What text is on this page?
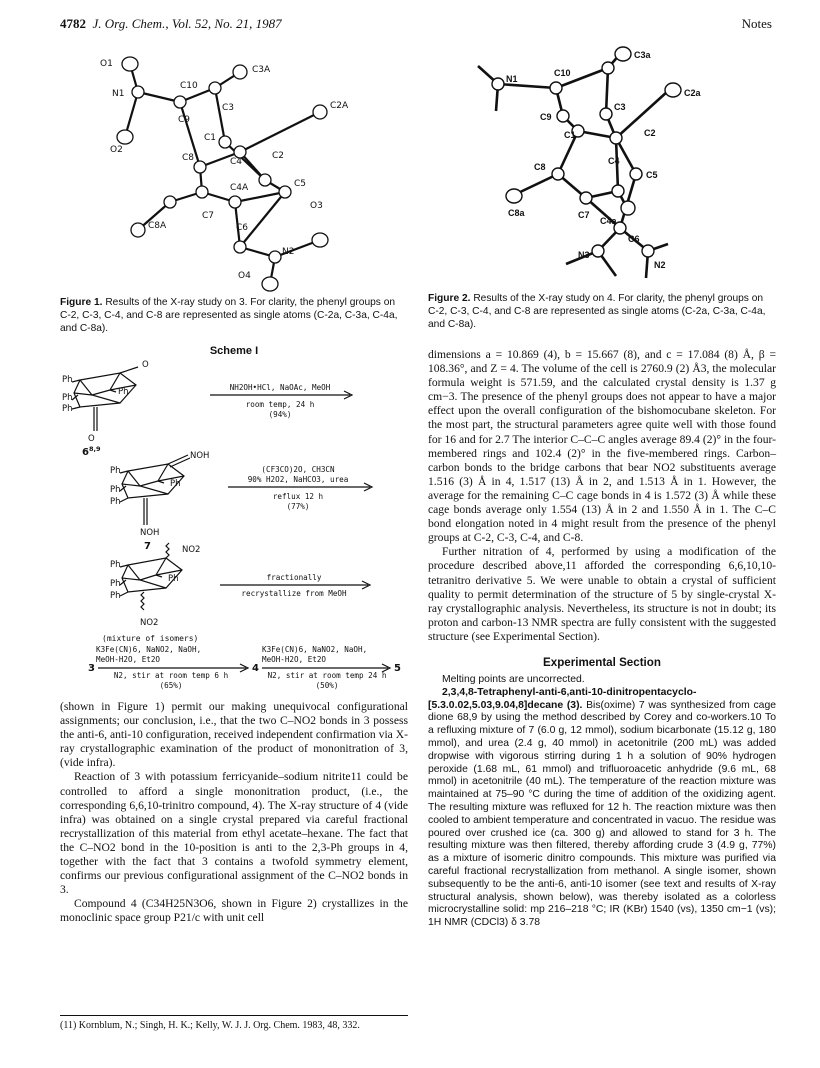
4782 J. Org. Chem., Vol. 52, No. 21, 1987	Notes
O1
N1
C10
C3A
C2A
C9
C3
C1
C4
C2
C8
C4A	C5
C8A
C7
C6
O3
O2
N2
O4
Figure 1. Results of the X-ray study on 3. For clarity, the phenyl groups on C-2, C-3, C-4, and C-8 are represented as single atoms (C-2a, C-3a, C-4a, and C-8a).
N1
C10
C3a
C2a
C9
C3
C1	C2
C4
C8
C5
C4a
C7
C6
C8a
N2
N3
Figure 2. Results of the X-ray study on 4. For clarity, the phenyl groups on C-2, C-3, C-4, and C-8 are represented as single atoms (C-2a, C-3a, C-4a, and C-8a).
Scheme I
Ph
Ph
Ph
Ph
O
O
6$^{8,9}$
Ph
Ph
Ph
Ph
NOH
NOH
7
Ph
Ph
Ph
Ph
NO2
NO2
(mixture of isomers)
3	4	5
NH2OH•HCl, NaOAc, MeOH
room temp, 24 h
(94%)
(CF3CO)2O, CH3CN
90% H2O2, NaHCO3, urea
reflux 12 h
(77%)
fractionally
recrystallize from MeOH
K3Fe(CN)6, NaNO2, NaOH,
MeOH-H2O, Et2O
N2, stir at room temp 6 h
(65%)
K3Fe(CN)6, NaNO2, NaOH,
MeOH-H2O, Et2O
N2, stir at room temp 24 h
(50%)

(shown in Figure 1) permit our making unequivocal configurational assignments; our conclusion, i.e., that the two C–NO2 bonds in 3 possess the anti-6, anti-10 configuration, received independent confirmation via X-ray crystallographic examination of the product of mononitration of 3, (vide infra).

Reaction of 3 with potassium ferricyanide–sodium nitrite11 could be controlled to afford a single mononitration product, (i.e., the corresponding 6,6,10-trinitro compound, 4). The X-ray structure of 4 (vide infra) was obtained on a single crystal prepared via careful fractional recrystallization of this material from ethyl acetate–hexane. The fact that the C–NO2 bond in the 10-position is anti to the 2,3-Ph groups in 4, together with the fact that 3 contains a twofold symmetry element, confirms our previous configurational assignment of the C–NO2 bonds in 3.

Compound 4 (C34H25N3O6, shown in Figure 2) crystallizes in the monoclinic space group P21/c with unit cell

(11) Kornblum, N.; Singh, H. K.; Kelly, W. J. J. Org. Chem. 1983, 48, 332.

dimensions a = 10.869 (4), b = 15.667 (8), and c = 17.084 (8) Å, β = 108.36°, and Z = 4. The volume of the cell is 2760.9 (2) Å3, the molecular formula weight is 571.59, and the calculated crystal density is 1.37 g cm−3. The presence of the phenyl groups does not appear to have a major effect upon the overall configuration of the bishomocubane skeleton. For the most part, the structural parameters agree quite well with those found for 16 and for 2.7 The interior C–C–C angles average 89.4 (2)° in the four-membered rings and 102.4 (2)° in the five-membered rings. Carbon–carbon bonds to the bridge carbons that bear NO2 substituents average 1.516 (3) Å in 4, 1.517 (13) Å in 2, and 1.513 Å in 1. However, the average for the remaining C–C cage bonds in 4 is 1.572 (3) Å while these cage bonds average only 1.554 (13) Å in 2 and 1.550 Å in 1. The C–C bond elongation noted in 4 might result from the presence of the phenyl groups at C-2, C-3, C-4, and C-8.

Further nitration of 4, performed by using a modification of the procedure described above,11 afforded the corresponding 6,6,10,10-tetranitro derivative 5. We were unable to obtain a crystal of sufficient quality to permit determination of the structure of 5 by single-crystal X-ray crystallographic analysis. Nevertheless, its structure is not in doubt; its proton and carbon-13 NMR spectra are fully consistent with the suggested structure (see Experimental Section).

Experimental Section

Melting points are uncorrected.

2,3,4,8-Tetraphenyl-anti-6,anti-10-dinitropentacyclo-[5.3.0.02,5.03,9.04,8]decane (3). Bis(oxime) 7 was synthesized from cage dione 68,9 by using the method described by Corey and co-workers.10 To a refluxing mixture of 7 (6.0 g, 12 mmol), sodium bicarbonate (15.12 g, 180 mmol), and urea (2.4 g, 40 mmol) in acetonitrile (200 mL) was added dropwise with vigorous stirring during 1 h a solution of 90% hydrogen peroxide (1.68 mL, 61 mmol) and trifluoroacetic anhydride (9.6 mL, 68 mmol) in acetonitrile (40 mL). The temperature of the reaction mixture was maintained at 75–90 °C during the time of addition of the oxidizing agent. The resulting mixture was refluxed for 12 h. The reaction mixture was then cooled to ambient temperature and concentrated in vacuo. The residue was poured over crushed ice (ca. 300 g) and allowed to stand for 3 h. The resulting mixture was then filtered, thereby affording crude 3 (4.9 g, 77%) as a mixture of isomeric dinitro compounds. This mixture was purified via careful fractional recrystallization from methanol. A single isomer, shown subsequently to be the anti-6, anti-10 isomer (see text and results of X-ray structural analysis, shown below), was thereby isolated as a colorless microcrystalline solid: mp 216–218 °C; IR (KBr) 1540 (vs), 1350 cm−1 (vs); 1H NMR (CDCl3) δ 3.78
